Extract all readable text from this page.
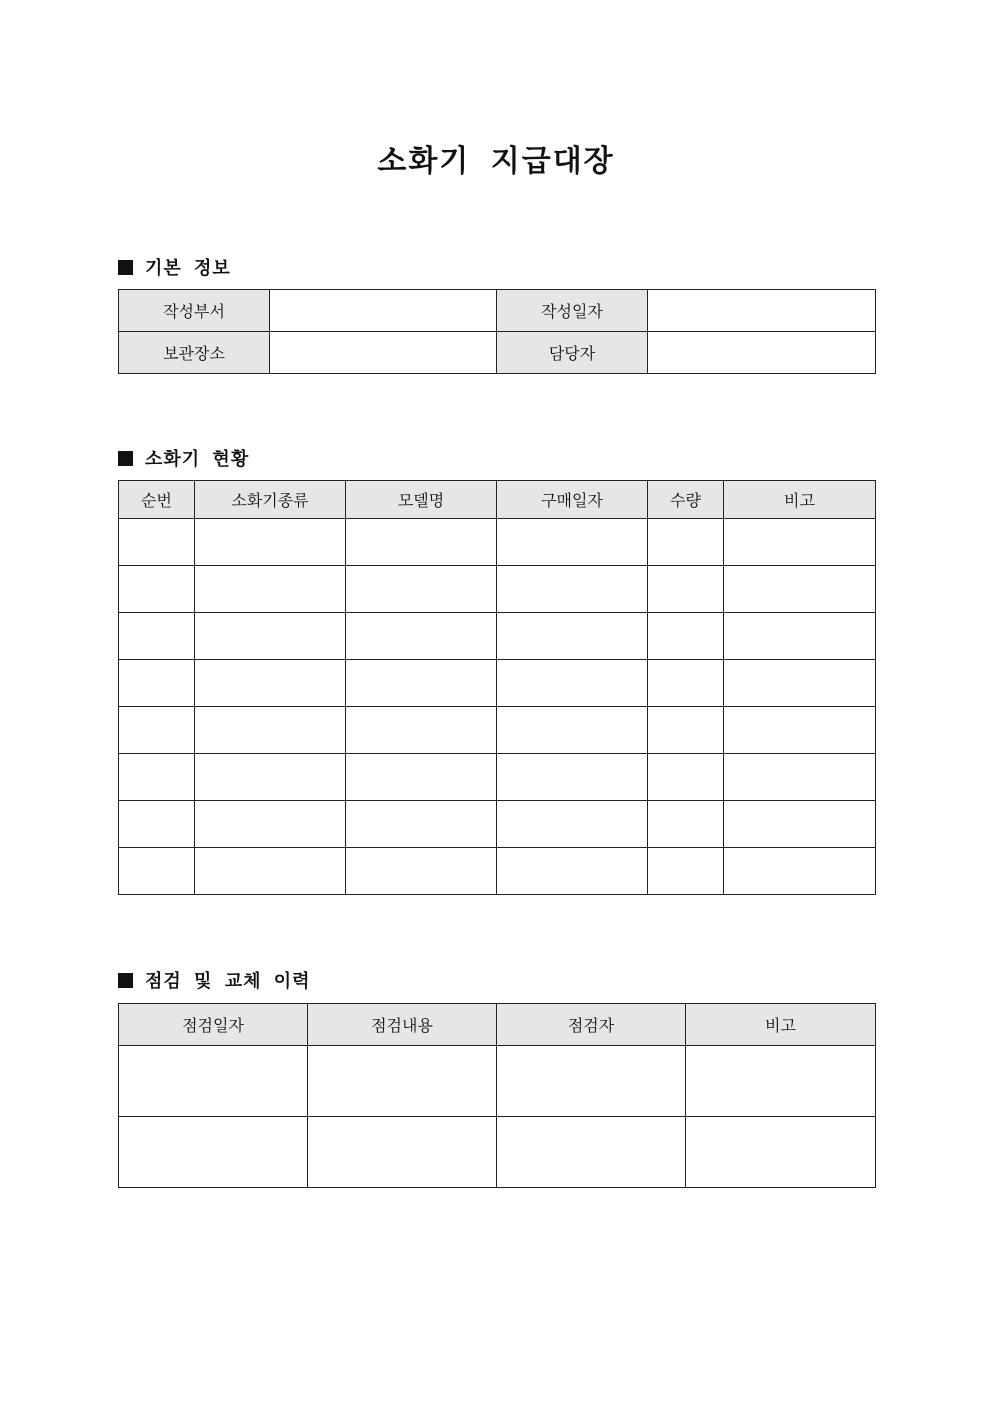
소화기 지급대장
기본 정보
작성부서		작성일자	
보관장소		담당자	
소화기 현황
순번	소화기종류	모델명	구매일자	수량	비고

점검 및 교체 이력
점검일자	점검내용	점검자	비고
